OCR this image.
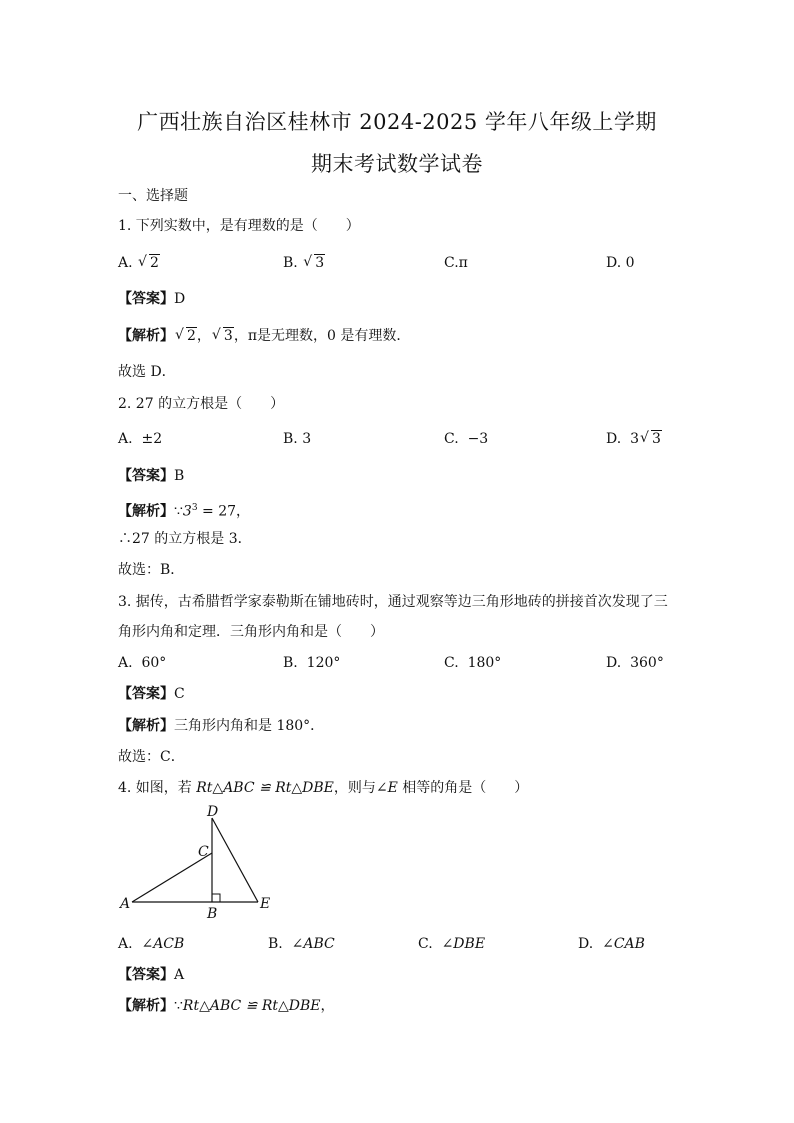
广西壮族自治区桂林市 2024-2025 学年八年级上学期
期末考试数学试卷
一、选择题
1. 下列实数中，是有理数的是（　　）
A. √ 2	B. √ 3	C.π	D. 0
【答案】D
【解析】 √ 2， √ 3，π是无理数，0 是有理数．
故选 D．
2. 27 的立方根是（　　）
A. ±2	B. 3	C. −3	D. 3 √ 3
【答案】B
【解析】$\because 3^3 = 27$，
∴27 的立方根是 3．
故选：B．
3. 据传，古希腊哲学家泰勒斯在铺地砖时，通过观察等边三角形地砖的拼接首次发现了三
角形内角和定理．三角形内角和是（　　）
A. 60°	B. 120°	C. 180°	D. 360°
【答案】C
【解析】三角形内角和是 180°．
故选：C．
4. 如图，若 Rt△ABC ≌ Rt△DBE，则与∠E 相等的角是（　　）
D
C
A
B
E
A. ∠ACB	B. ∠ABC	C. ∠DBE	D. ∠CAB
【答案】A
【解析】∵Rt△ABC ≌ Rt△DBE，
